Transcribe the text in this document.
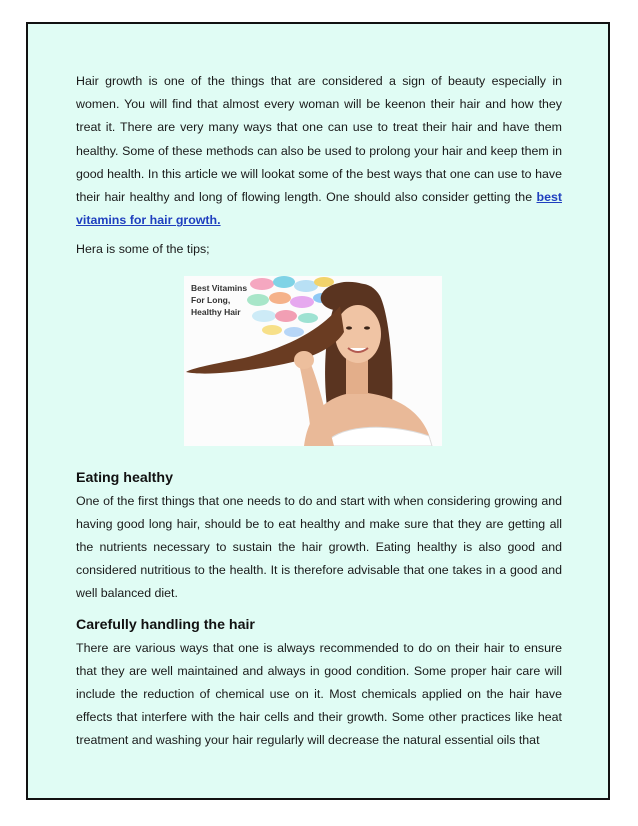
Hair growth is one of the things that are considered a sign of beauty especially in women. You will find that almost every woman will be keenon their hair and how they treat it. There are very many ways that one can use to treat their hair and have them healthy. Some of these methods can also be used to prolong your hair and keep them in good health. In this article we will lookat some of the best ways that one can use to have their hair healthy and long of flowing length. One should also consider getting the best vitamins for hair growth.

Hera is some of the tips;

Best Vitamins
For Long,
Healthy Hair
Eating healthy

One of the first things that one needs to do and start with when considering growing and having good long hair, should be to eat healthy and make sure that they are getting all the nutrients necessary to sustain the hair growth. Eating healthy is also good and considered nutritious to the health. It is therefore advisable that one takes in a good and well balanced diet.

Carefully handling the hair

There are various ways that one is always recommended to do on their hair to ensure that they are well maintained and always in good condition. Some proper hair care will include the reduction of chemical use on it. Most chemicals applied on the hair have effects that interfere with the hair cells and their growth. Some other practices like heat treatment and washing your hair regularly will decrease the natural essential oils that
